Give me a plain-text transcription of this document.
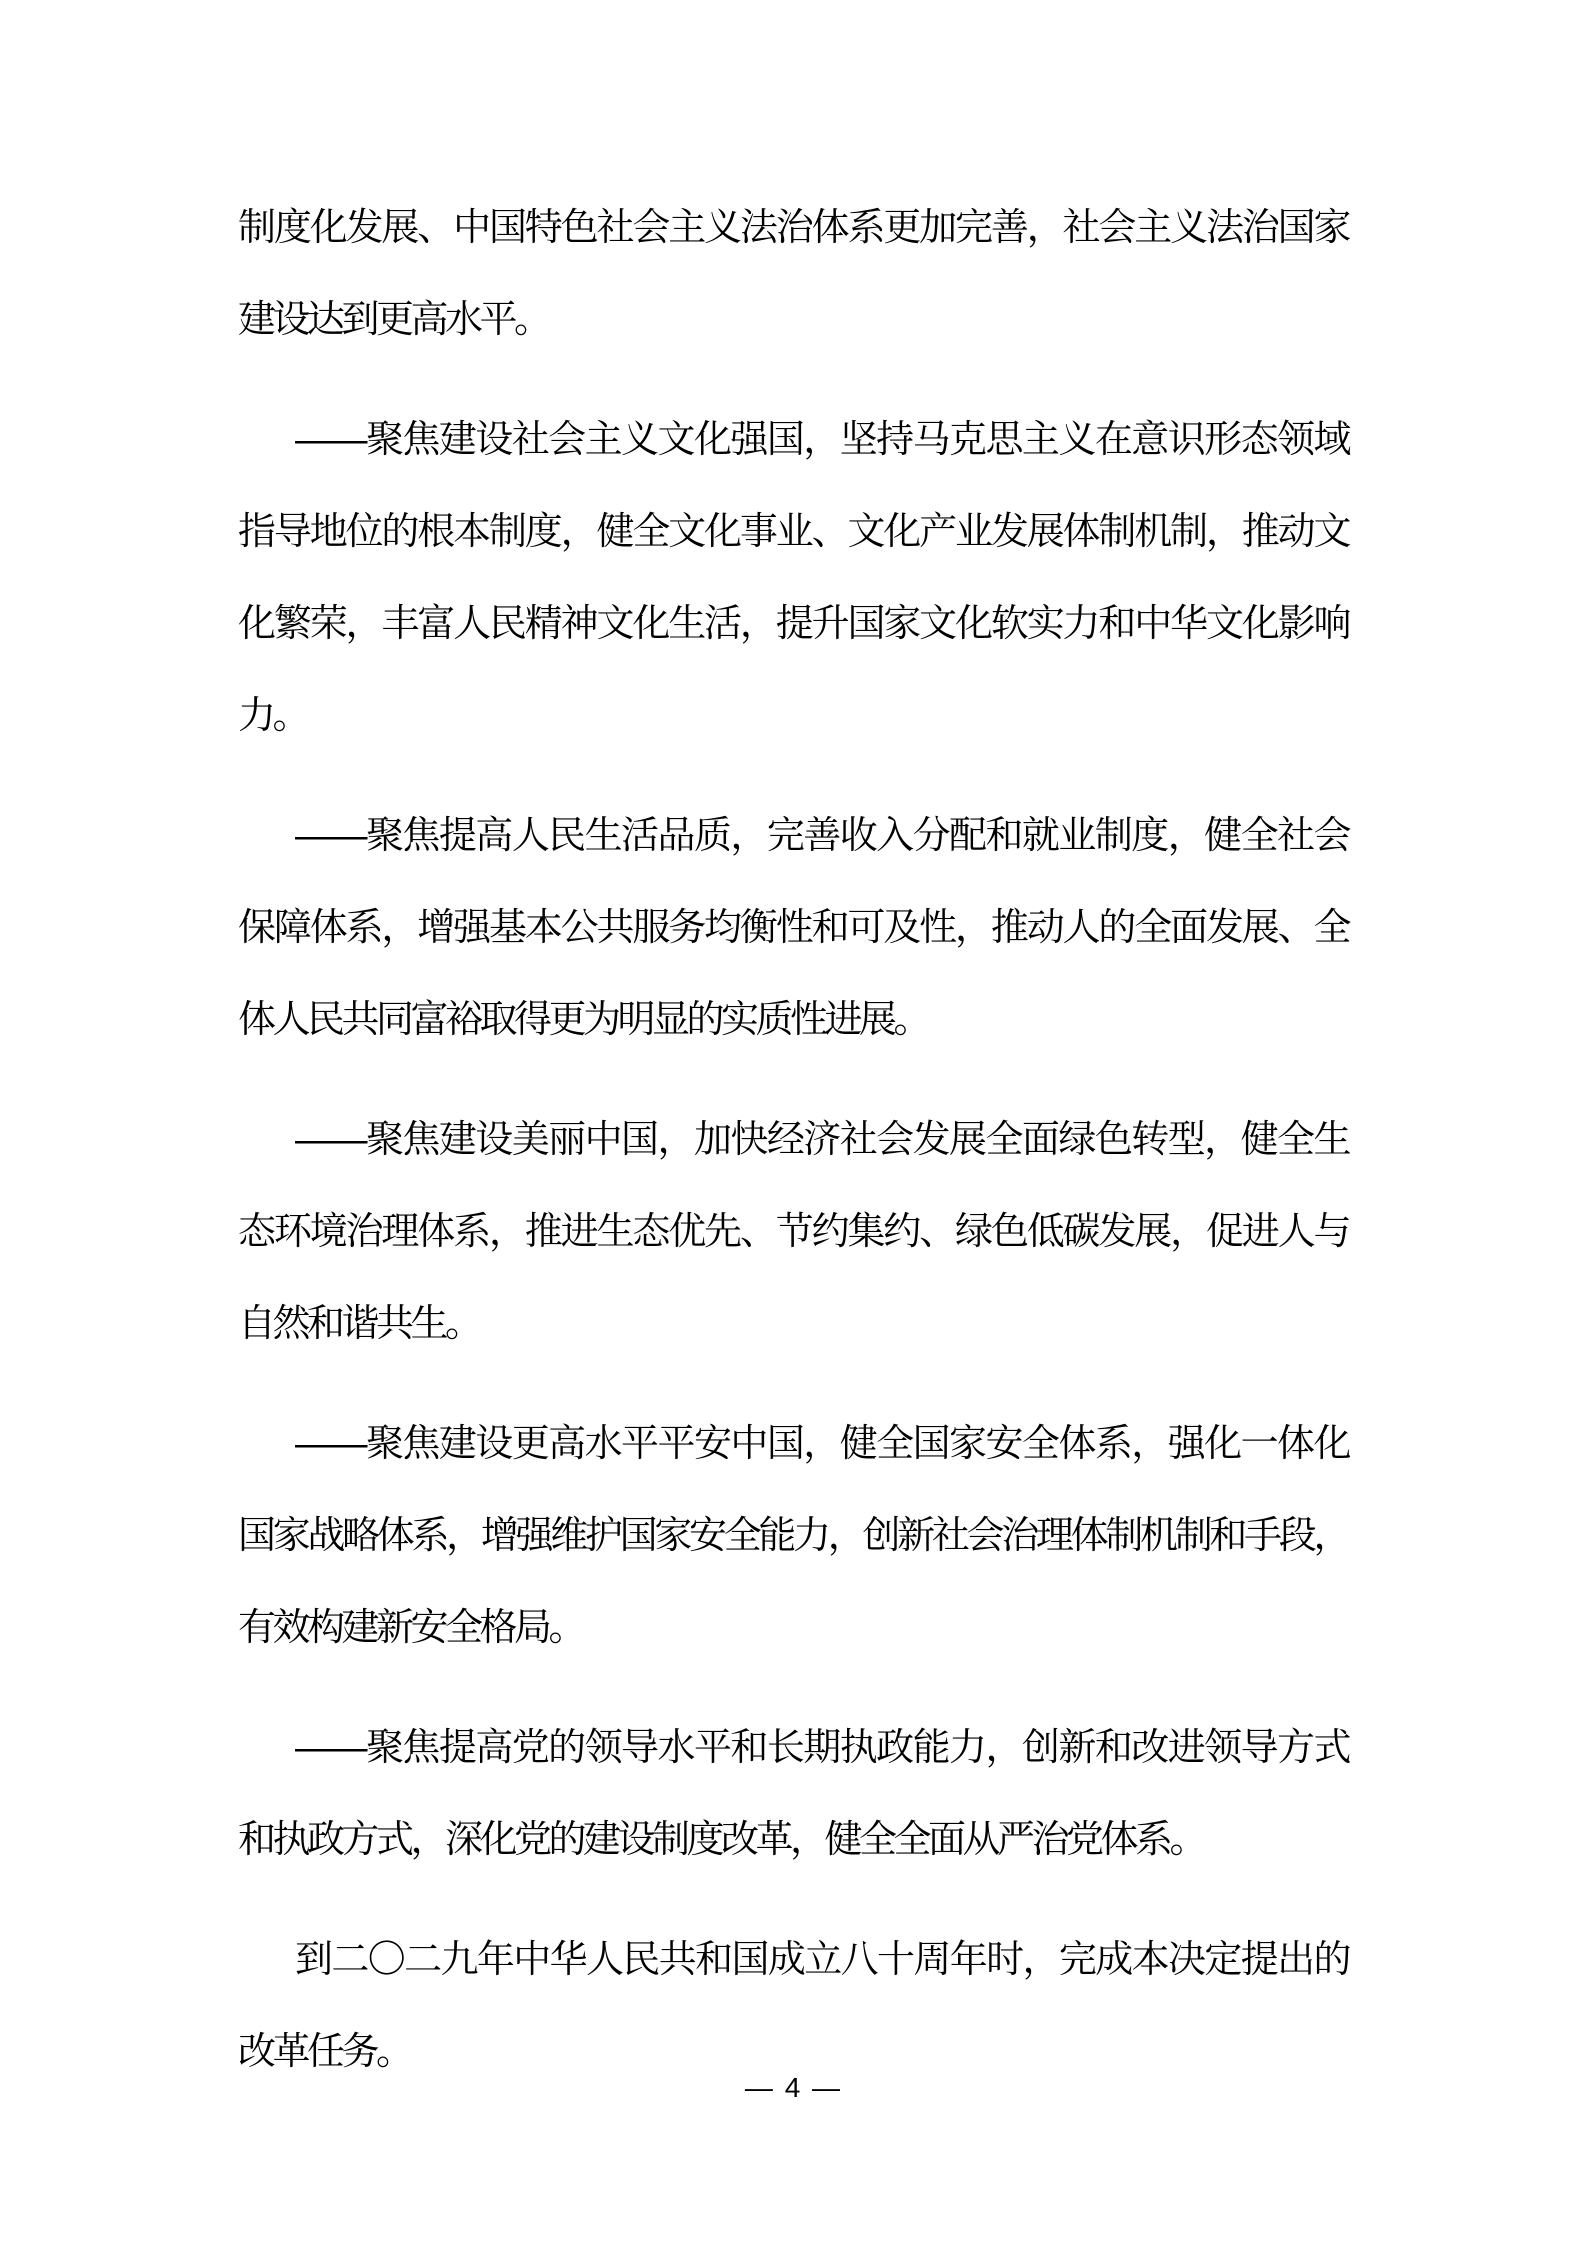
制度化发展、中国特色社会主义法治体系更加完善，社会主义法治国家
建设达到更高水平。
——聚焦建设社会主义文化强国，坚持马克思主义在意识形态领域
指导地位的根本制度，健全文化事业、文化产业发展体制机制，推动文
化繁荣，丰富人民精神文化生活，提升国家文化软实力和中华文化影响
力。
——聚焦提高人民生活品质，完善收入分配和就业制度，健全社会
保障体系，增强基本公共服务均衡性和可及性，推动人的全面发展、全
体人民共同富裕取得更为明显的实质性进展。
——聚焦建设美丽中国，加快经济社会发展全面绿色转型，健全生
态环境治理体系，推进生态优先、节约集约、绿色低碳发展，促进人与
自然和谐共生。
——聚焦建设更高水平平安中国，健全国家安全体系，强化一体化
国家战略体系，增强维护国家安全能力，创新社会治理体制机制和手段，
有效构建新安全格局。
——聚焦提高党的领导水平和长期执政能力，创新和改进领导方式
和执政方式，深化党的建设制度改革，健全全面从严治党体系。
到二〇二九年中华人民共和国成立八十周年时，完成本决定提出的
改革任务。
— 4 —
